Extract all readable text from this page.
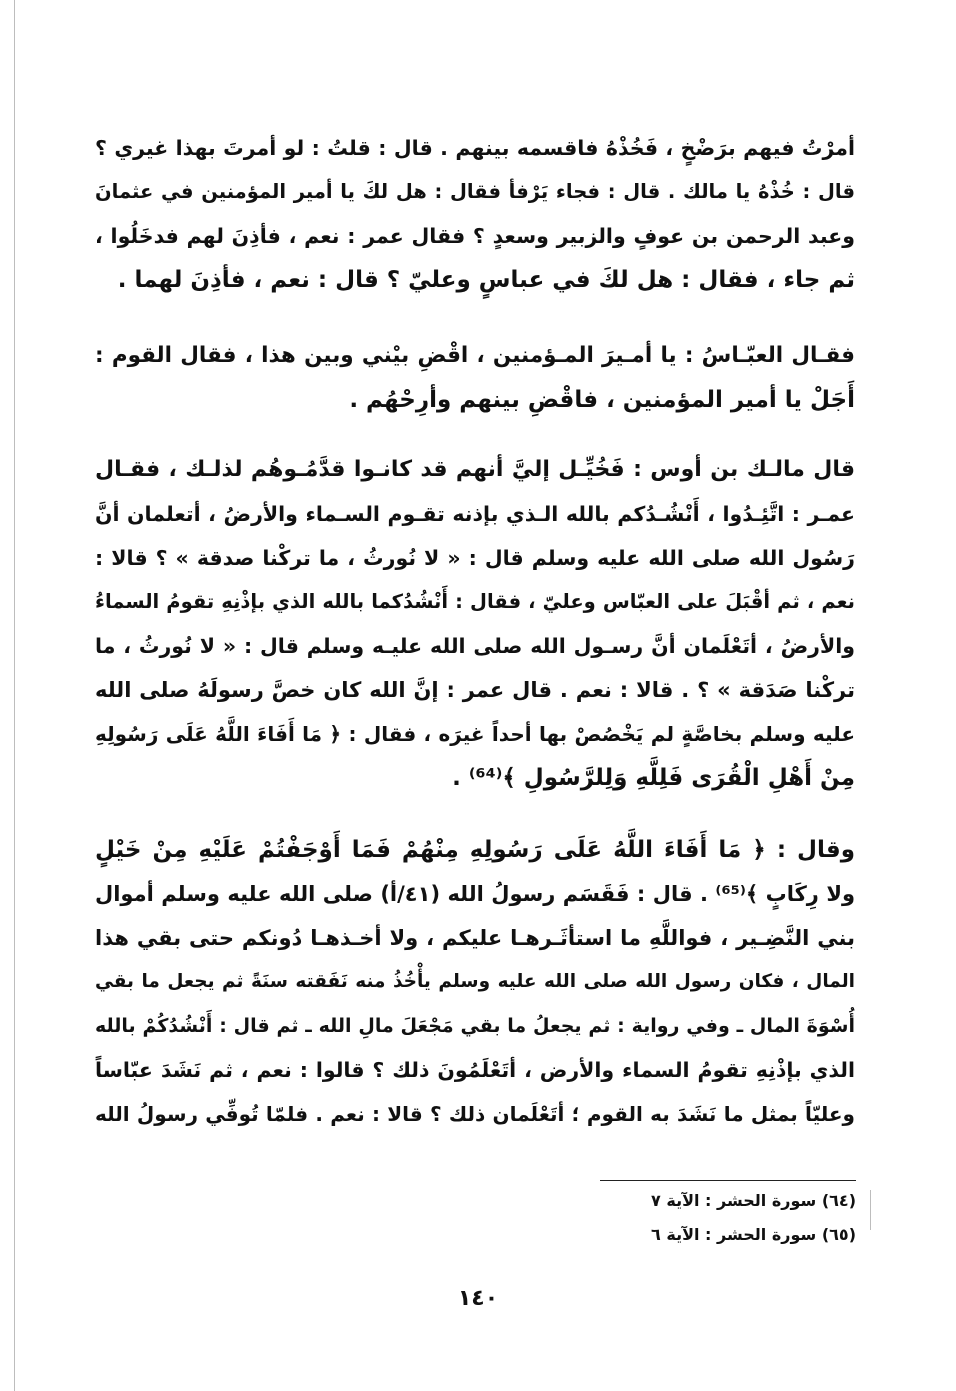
أمرْتُ فيهم برَضْخٍ ، فَخُذْهُ فاقسمه بينهم . قال : قلتُ : لو أمرتَ بهذا غيري ؟
قال : خُذْهُ يا مالك . قال : فجاء يَرْفأ فقال : هل لكَ يا أمير المؤمنين في عثمانَ
وعبد الرحمن بن عوفٍ والزبير وسعدٍ ؟ فقال عمر : نعم ، فأذِنَ لهم فدخَلُوا ،
ثم جاء ، فقال : هل لكَ في عباسٍ وعليّ ؟ قال : نعم ، فأذِنَ لهما .
فقـال العبّـاسُ : يا أمـيرَ المـؤمنين ، اقْضِ بيْني وبين هذا ، فقال القوم :
أَجَلْ يا أمير المؤمنين ، فاقْضِ بينهم وأرِحْهُم .
قال مالـك بن أوس : فَخُيِّـل إليَّ أنهم قد كانـوا قدَّمُـوهُم لذلـك ، فقـال
عمـر : اتَّئِـدُوا ، أَنْشُـدُكم بالله الـذي بإذنه تقـوم السـماء والأرضُ ، أتعلمان أنَّ
رَسُول الله صلى الله عليه وسلم قال : « لا نُورثُ ، ما تركْنا صدقة » ؟ قالا :
نعم ، ثم أقْبَلَ على العبّاس وعليّ ، فقال : أَنْشُدُكما بالله الذي بإذْنِهِ تقومُ السماءُ
والأرضُ ، أتَعْلَمان أنَّ رسـول الله صلى الله عليـه وسلم قال : « لا نُورثُ ، ما
تركْنا صَدَقة » ؟ . قالا : نعم . قال عمر : إنَّ الله كان خصَّ رسولَهُ صلى الله
عليه وسلم بخاصَّةٍ لم يَخْصُصْ بها أحداً غيرَه ، فقال : ﴿ مَا أَفَاءَ اللَّهُ عَلَى رَسُولِهِ
مِنْ أَهْلِ الْقُرَى فَلِلَّهِ وَلِلرَّسُولِ ﴾⁽⁶⁴⁾ .
وقال : ﴿ مَا أَفَاءَ اللَّهُ عَلَى رَسُولِهِ مِنْهُمْ فَمَا أَوْجَفْتُمْ عَلَيْهِ مِنْ خَيْلٍ
ولا رِكَابٍ ﴾⁽⁶⁵⁾ . قال : فَقَسَم رسولُ الله (٤١/أ) صلى الله عليه وسلم أموال
بني النَّضِـير ، فواللَّهِ ما استأثَـرهـا عليكم ، ولا أخـذهـا دُونكم حتى بقي هذا
المال ، فكان رسول الله صلى الله عليه وسلم يأْخُذُ منه نَفَقته سنَةً ثم يجعل ما بقي
أُسْوَةَ المال ـ وفي رواية : ثم يجعلُ ما بقي مَجْعَلَ مالِ الله ـ ثم قال : أَنْشُدُكُمْ بالله
الذي بإذْنِهِ تقومُ السماء والأرض ، أتَعْلَمُونَ ذلك ؟ قالوا : نعم ، ثم نَشَدَ عبّاساً
وعليّاً بمثل ما نَشَدَ به القوم ؛ أتَعْلَمان ذلك ؟ قالا : نعم . فلمّا تُوفِّي رسولُ الله
(٦٤) سورة الحشر : الآية ٧
(٦٥) سورة الحشر : الآية ٦
١٤٠
